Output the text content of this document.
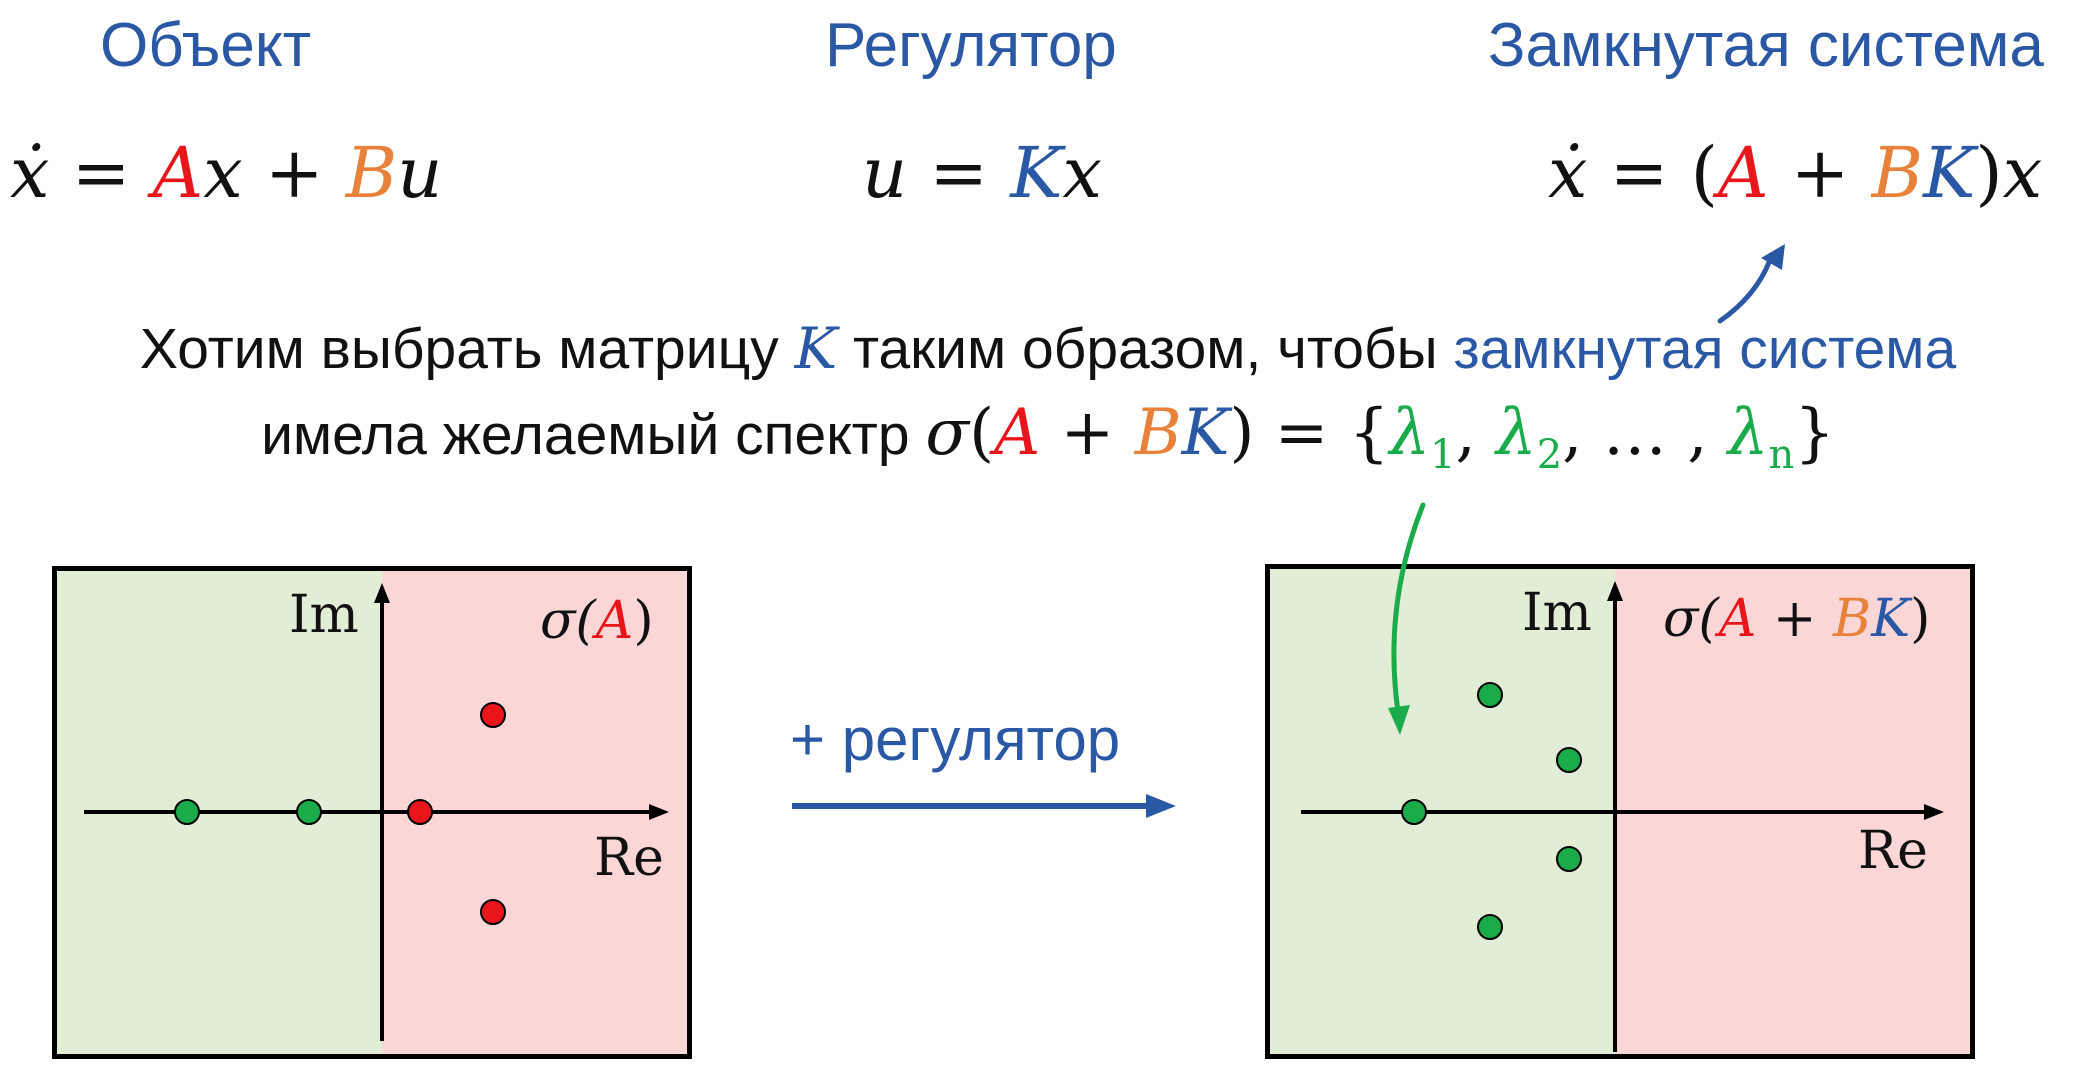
Объект	Регулятор	Замкнутая система
ẋ = Ax + Bu	u = Kx	ẋ = (A + BK)x
Хотим выбрать матрицу K таким образом, чтобы замкнутая система
имела желаемый спектр $\sigma(A + BK) = \{\lambda_1$, $\lambda_2$, … , $\lambda_n$}
Im
Re
σ(A)
+ регулятор
Im
Re
σ(A + BK)
